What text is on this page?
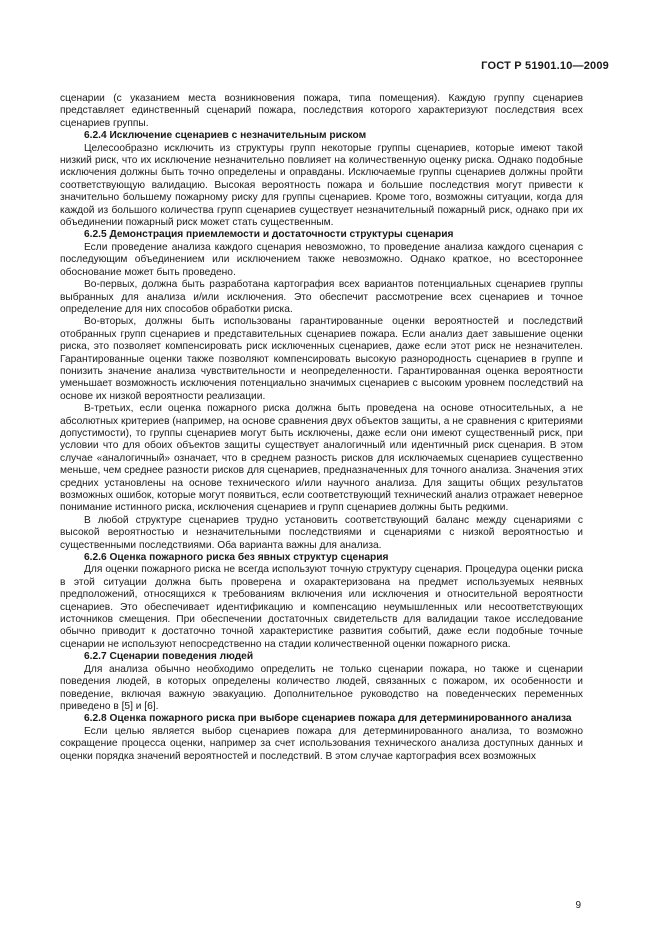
ГОСТ Р 51901.10—2009

сценарии (с указанием места возникновения пожара, типа помещения). Каждую группу сценариев представляет единственный сценарий пожара, последствия которого характеризуют последствия всех сценариев группы.

6.2.4 Исключение сценариев с незначительным риском

Целесообразно исключить из структуры групп некоторые группы сценариев, которые имеют такой низкий риск, что их исключение незначительно повлияет на количественную оценку риска. Однако подобные исключения должны быть точно определены и оправданы. Исключаемые группы сценариев должны пройти соответствующую валидацию. Высокая вероятность пожара и большие последствия могут привести к значительно большему пожарному риску для группы сценариев. Кроме того, возможны ситуации, когда для каждой из большого количества групп сценариев существует незначительный пожарный риск, однако при их объединении пожарный риск может стать существенным.

6.2.5 Демонстрация приемлемости и достаточности структуры сценария

Если проведение анализа каждого сценария невозможно, то проведение анализа каждого сценария с последующим объединением или исключением также невозможно. Однако краткое, но всестороннее обоснование может быть проведено.

Во-первых, должна быть разработана картография всех вариантов потенциальных сценариев группы выбранных для анализа и/или исключения. Это обеспечит рассмотрение всех сценариев и точное определение для них способов обработки риска.

Во-вторых, должны быть использованы гарантированные оценки вероятностей и последствий отобранных групп сценариев и представительных сценариев пожара. Если анализ дает завышение оценки риска, это позволяет компенсировать риск исключенных сценариев, даже если этот риск не незначителен. Гарантированные оценки также позволяют компенсировать высокую разнородность сценариев в группе и понизить значение анализа чувствительности и неопределенности. Гарантированная оценка вероятности уменьшает возможность исключения потенциально значимых сценариев с высоким уровнем последствий на основе их низкой вероятности реализации.

В-третьих, если оценка пожарного риска должна быть проведена на основе относительных, а не абсолютных критериев (например, на основе сравнения двух объектов защиты, а не сравнения с критериями допустимости), то группы сценариев могут быть исключены, даже если они имеют существенный риск, при условии что для обоих объектов защиты существует аналогичный или идентичный риск сценария. В этом случае «аналогичный» означает, что в среднем разность рисков для исключаемых сценариев существенно меньше, чем среднее разности рисков для сценариев, предназначенных для точного анализа. Значения этих средних установлены на основе технического и/или научного анализа. Для защиты общих результатов возможных ошибок, которые могут появиться, если соответствующий технический анализ отражает неверное понимание истинного риска, исключения сценариев и групп сценариев должны быть редкими.

В любой структуре сценариев трудно установить соответствующий баланс между сценариями с высокой вероятностью и незначительными последствиями и сценариями с низкой вероятностью и существенными последствиями. Оба варианта важны для анализа.

6.2.6 Оценка пожарного риска без явных структур сценария

Для оценки пожарного риска не всегда используют точную структуру сценария. Процедура оценки риска в этой ситуации должна быть проверена и охарактеризована на предмет используемых неявных предположений, относящихся к требованиям включения или исключения и относительной вероятности сценариев. Это обеспечивает идентификацию и компенсацию неумышленных или несоответствующих источников смещения. При обеспечении достаточных свидетельств для валидации такое исследование обычно приводит к достаточно точной характеристике развития событий, даже если подобные точные сценарии не используют непосредственно на стадии количественной оценки пожарного риска.

6.2.7 Сценарии поведения людей

Для анализа обычно необходимо определить не только сценарии пожара, но также и сценарии поведения людей, в которых определены количество людей, связанных с пожаром, их особенности и поведение, включая важную эвакуацию. Дополнительное руководство на поведенческих переменных приведено в [5] и [6].

6.2.8 Оценка пожарного риска при выборе сценариев пожара для детерминированного анализа

Если целью является выбор сценариев пожара для детерминированного анализа, то возможно сокращение процесса оценки, например за счет использования технического анализа доступных данных и оценки порядка значений вероятностей и последствий. В этом случае картография всех возможных

9
